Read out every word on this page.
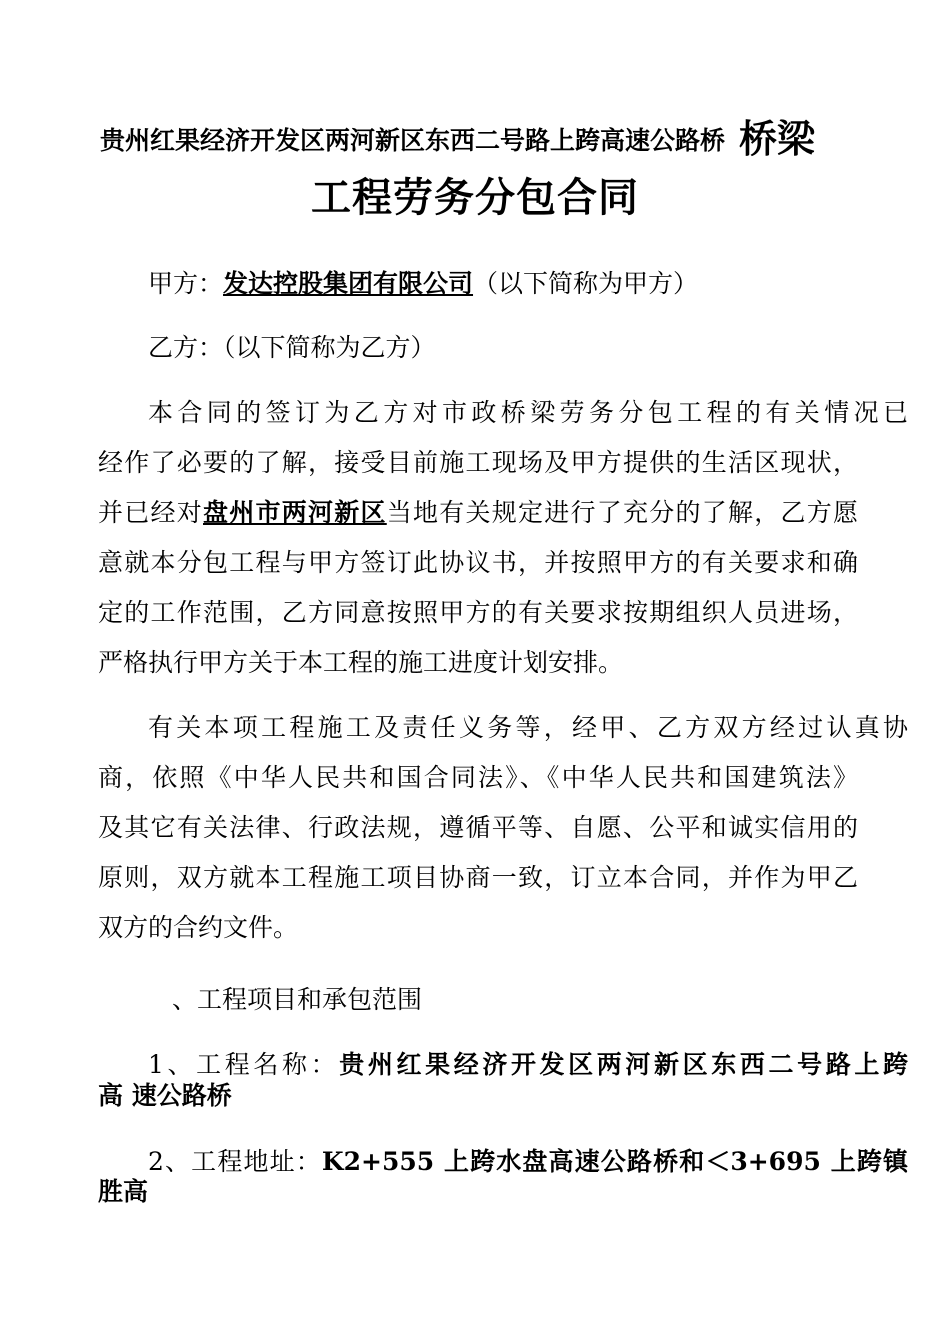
贵州红果经济开发区两河新区东西二号路上跨高速公路桥 桥梁
工程劳务分包合同
甲方：发达控股集团有限公司（以下简称为甲方）
乙方：（以下简称为乙方）
本合同的签订为乙方对市政桥梁劳务分包工程的有关情况已
经作了必要的了解，接受目前施工现场及甲方提供的生活区现状，
并已经对盘州市两河新区当地有关规定进行了充分的了解，乙方愿
意就本分包工程与甲方签订此协议书，并按照甲方的有关要求和确
定的工作范围，乙方同意按照甲方的有关要求按期组织人员进场，
严格执行甲方关于本工程的施工进度计划安排。
有关本项工程施工及责任义务等，经甲、乙方双方经过认真协
商，依照《中华人民共和国合同法》、《中华人民共和国建筑法》
及其它有关法律、行政法规，遵循平等、自愿、公平和诚实信用的
原则，双方就本工程施工项目协商一致，订立本合同，并作为甲乙
双方的合约文件。
、工程项目和承包范围
1、工程名称：贵州红果经济开发区两河新区东西二号路上跨
高 速公路桥
2、工程地址：K2+555 上跨水盘高速公路桥和＜3+695 上跨镇
胜高
